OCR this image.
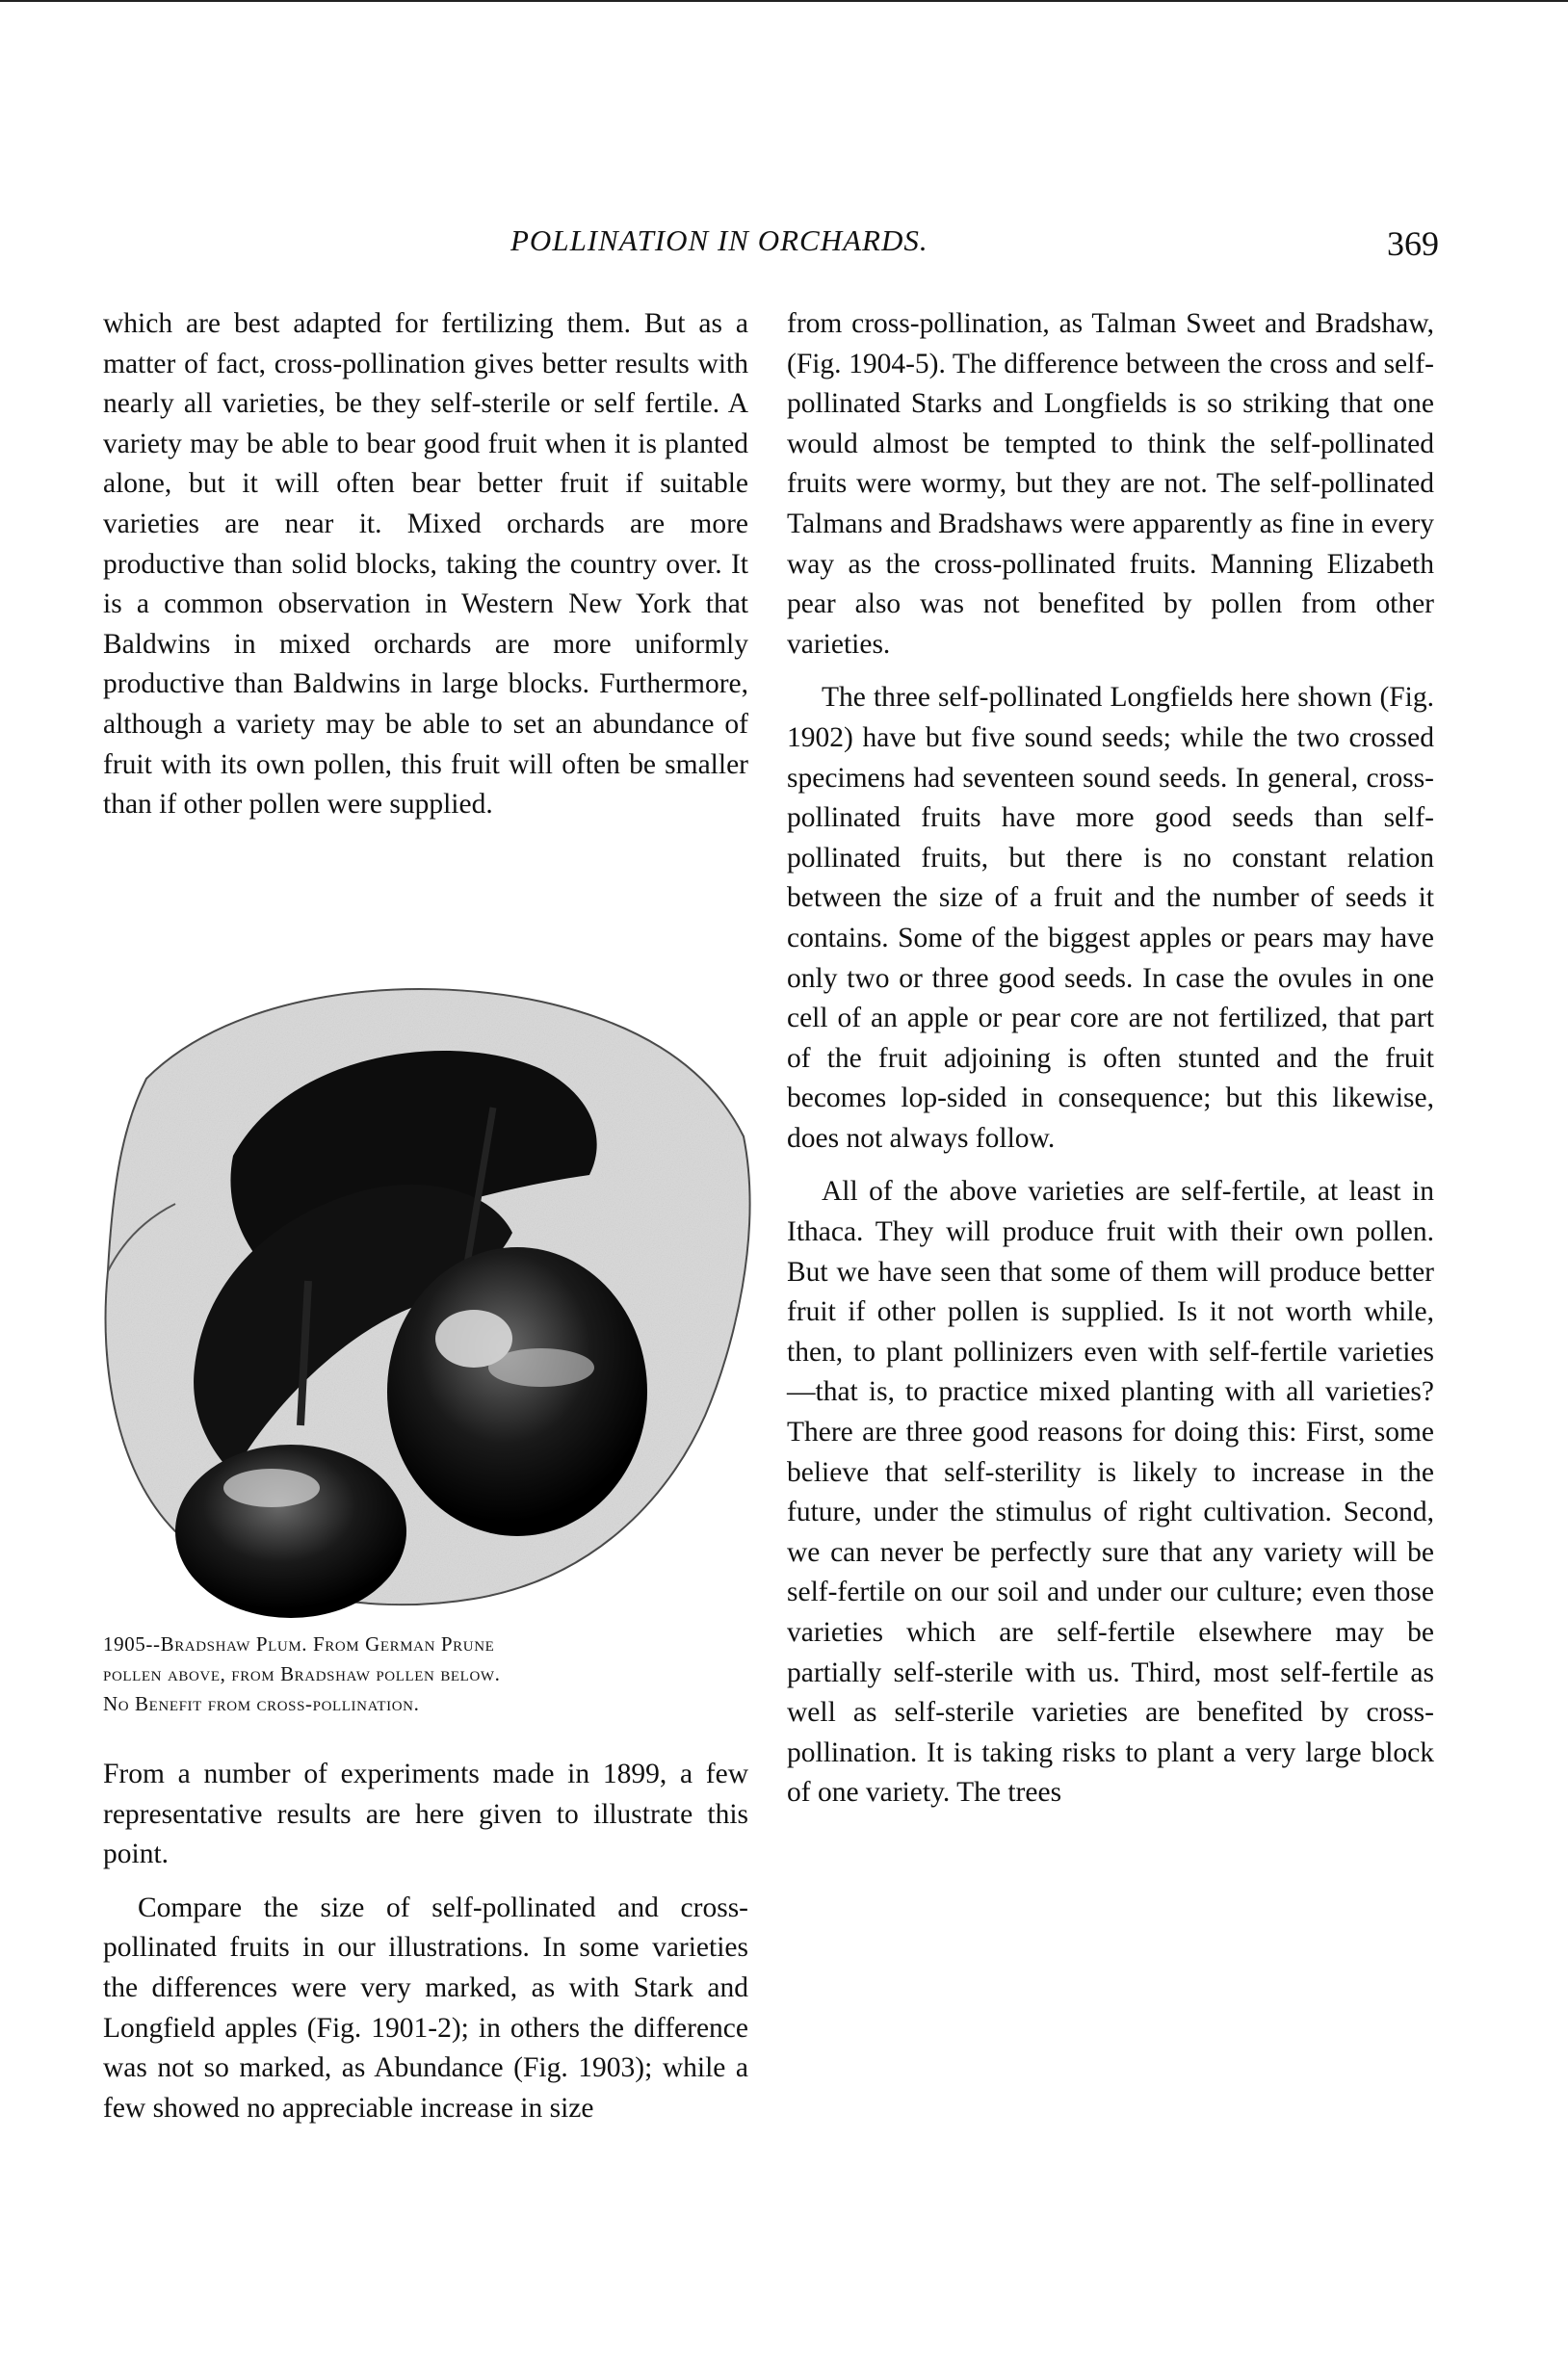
POLLINATION IN ORCHARDS.	369

which are best adapted for fertilizing them. But as a matter of fact, cross-pollination gives better results with nearly all varieties, be they self-sterile or self fertile. A variety may be able to bear good fruit when it is planted alone, but it will often bear better fruit if suitable varieties are near it. Mixed orchards are more productive than solid blocks, taking the country over. It is a common observation in Western New York that Baldwins in mixed orchards are more uniformly productive than Baldwins in large blocks. Furthermore, although a variety may be able to set an abundance of fruit with its own pollen, this fruit will often be smaller than if other pollen were supplied.

1905--Bradshaw Plum. From German Prune
pollen above, from Bradshaw pollen below.
No Benefit from cross-pollination.

From a number of experiments made in 1899, a few representative results are here given to illustrate this point.

Compare the size of self-pollinated and cross-pollinated fruits in our illustrations. In some varieties the differences were very marked, as with Stark and Longfield apples (Fig. 1901-2); in others the difference was not so marked, as Abundance (Fig. 1903); while a few showed no appreciable increase in size

from cross-pollination, as Talman Sweet and Bradshaw, (Fig. 1904-5). The difference between the cross and self-pollinated Starks and Longfields is so striking that one would almost be tempted to think the self-pollinated fruits were wormy, but they are not. The self-pollinated Talmans and Bradshaws were apparently as fine in every way as the cross-pollinated fruits. Manning Elizabeth pear also was not benefited by pollen from other varieties.

The three self-pollinated Longfields here shown (Fig. 1902) have but five sound seeds; while the two crossed specimens had seventeen sound seeds. In general, cross-pollinated fruits have more good seeds than self-pollinated fruits, but there is no constant relation between the size of a fruit and the number of seeds it contains. Some of the biggest apples or pears may have only two or three good seeds. In case the ovules in one cell of an apple or pear core are not fertilized, that part of the fruit adjoining is often stunted and the fruit becomes lop-sided in consequence; but this likewise, does not always follow.

All of the above varieties are self-fertile, at least in Ithaca. They will produce fruit with their own pollen. But we have seen that some of them will produce better fruit if other pollen is supplied. Is it not worth while, then, to plant pollinizers even with self-fertile varieties—that is, to practice mixed planting with all varieties? There are three good reasons for doing this: First, some believe that self-sterility is likely to increase in the future, under the stimulus of right cultivation. Second, we can never be perfectly sure that any variety will be self-fertile on our soil and under our culture; even those varieties which are self-fertile elsewhere may be partially self-sterile with us. Third, most self-fertile as well as self-sterile varieties are benefited by cross-pollination. It is taking risks to plant a very large block of one variety. The trees
